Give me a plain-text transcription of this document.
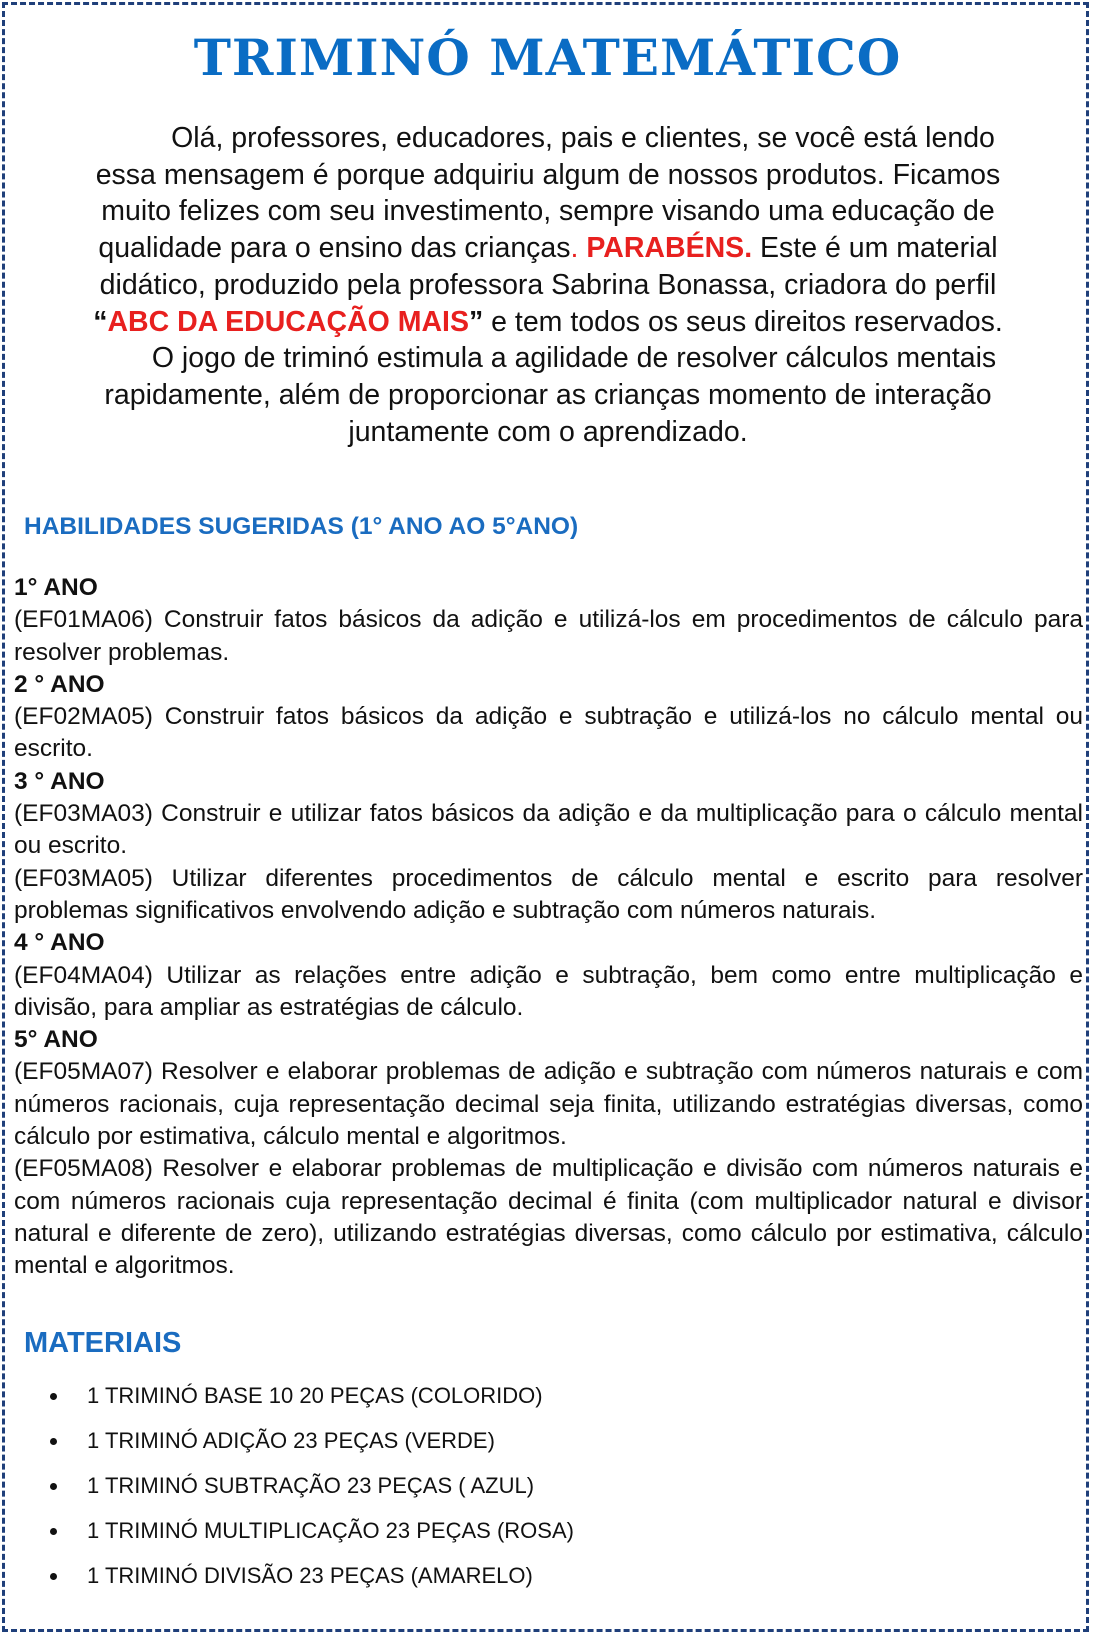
TRIMINÓ MATEMÁTICO
Olá, professores, educadores, pais e clientes, se você está lendo
essa mensagem é porque adquiriu algum de nossos produtos. Ficamos
muito felizes com seu investimento, sempre visando uma educação de
qualidade para o ensino das crianças. PARABÉNS. Este é um material
didático, produzido pela professora Sabrina Bonassa, criadora do perfil
“ABC DA EDUCAÇÃO MAIS” e tem todos os seus direitos reservados.
O jogo de triminó estimula a agilidade de resolver cálculos mentais
rapidamente, além de proporcionar as crianças momento de interação
juntamente com o aprendizado.
HABILIDADES SUGERIDAS (1° ANO AO 5°ANO)
1° ANO
(EF01MA06) Construir fatos básicos da adição e utilizá-los em procedimentos de cálculo para resolver problemas.
2 ° ANO
(EF02MA05) Construir fatos básicos da adição e subtração e utilizá-los no cálculo mental ou escrito.
3 ° ANO
(EF03MA03) Construir e utilizar fatos básicos da adição e da multiplicação para o cálculo mental ou escrito.
(EF03MA05) Utilizar diferentes procedimentos de cálculo mental e escrito para resolver problemas significativos envolvendo adição e subtração com números naturais.
4 ° ANO
(EF04MA04) Utilizar as relações entre adição e subtração, bem como entre multiplicação e divisão, para ampliar as estratégias de cálculo.
5° ANO
(EF05MA07) Resolver e elaborar problemas de adição e subtração com números naturais e com números racionais, cuja representação decimal seja finita, utilizando estratégias diversas, como cálculo por estimativa, cálculo mental e algoritmos.
(EF05MA08) Resolver e elaborar problemas de multiplicação e divisão com números naturais e com números racionais cuja representação decimal é finita (com multiplicador natural e divisor natural e diferente de zero), utilizando estratégias diversas, como cálculo por estimativa, cálculo mental e algoritmos.
MATERIAIS
1 TRIMINÓ BASE 10 20 PEÇAS (COLORIDO)
1 TRIMINÓ ADIÇÃO 23 PEÇAS (VERDE)
1 TRIMINÓ SUBTRAÇÃO 23 PEÇAS ( AZUL)
1 TRIMINÓ MULTIPLICAÇÃO 23 PEÇAS (ROSA)
1 TRIMINÓ DIVISÃO 23 PEÇAS (AMARELO)
